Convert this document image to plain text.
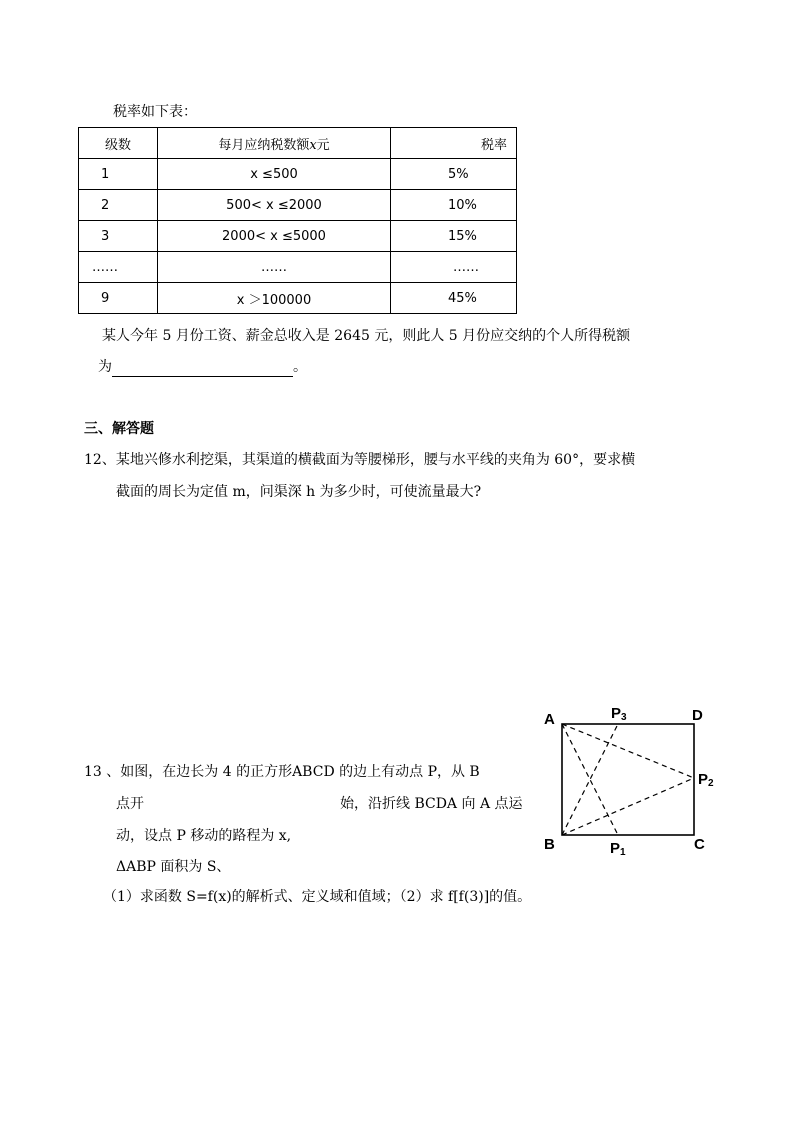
税率如下表：
级数	每月应纳税数额x元	税率
1	x ≤500	5%
2	500< x ≤2000	10%
3	2000< x ≤5000	15%
……	……	……
9	x ＞100000	45%
某人今年 5 月份工资、薪金总收入是 2645 元，则此人 5 月份应交纳的个人所得税额
为	。
三、解答题
12、某地兴修水利挖渠，其渠道的横截面为等腰梯形，腰与水平线的夹角为 60°，要求横
截面的周长为定值 m，问渠深 h 为多少时，可使流量最大?
13 、如图，在边长为 4 的正方形ABCD 的边上有动点 P，从 B
点开	始，沿折线 BCDA 向 A 点运
动，设点 P 移动的路程为 x,
ΔABP 面积为 S、
（1）求函数 S=f(x)的解析式、定义域和值域；（2）求 f[f(3)]的值。
A
B	C
D
P3
P2
P1
